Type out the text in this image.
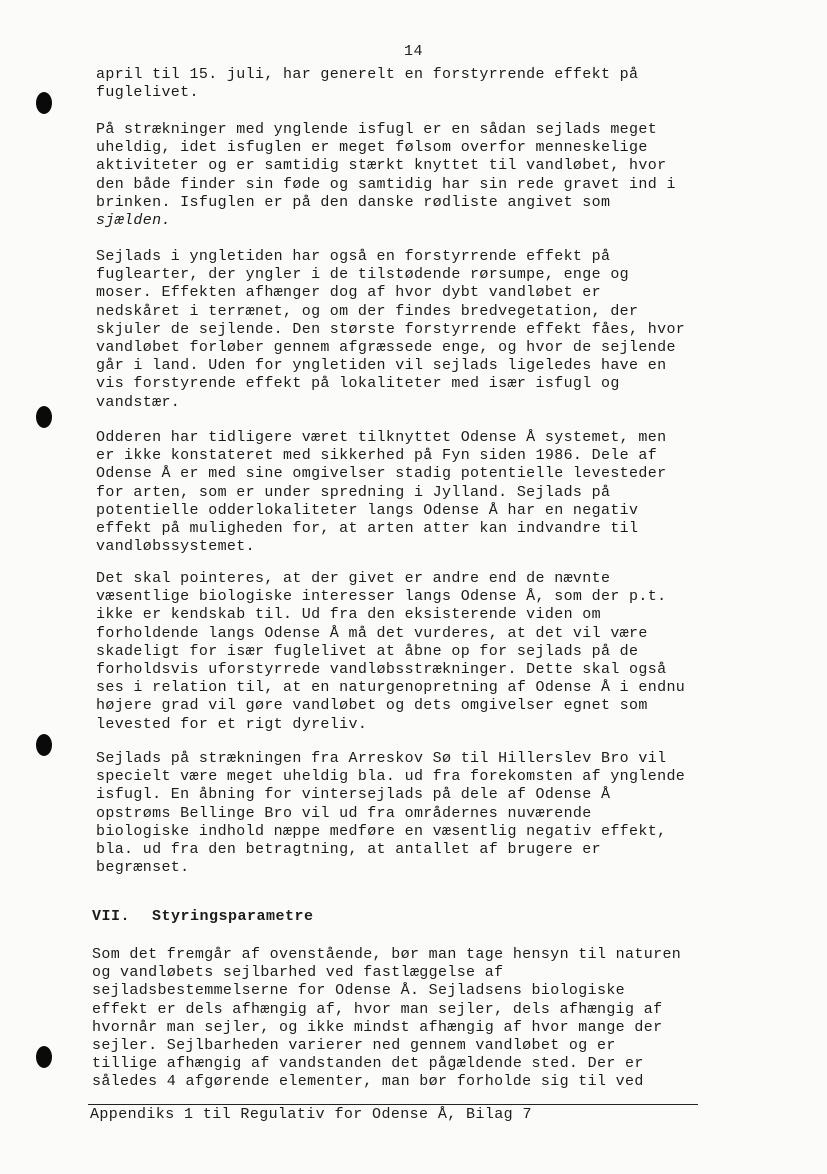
14

april til 15. juli, har generelt en forstyrrende effekt på
fuglelivet.

På strækninger med ynglende isfugl er en sådan sejlads meget
uheldig, idet isfuglen er meget følsom overfor menneskelige
aktiviteter og er samtidig stærkt knyttet til vandløbet, hvor
den både finder sin føde og samtidig har sin rede gravet ind i
brinken. Isfuglen er på den danske rødliste angivet som
sjælden.

Sejlads i yngletiden har også en forstyrrende effekt på
fuglearter, der yngler i de tilstødende rørsumpe, enge og
moser. Effekten afhænger dog af hvor dybt vandløbet er
nedskåret i terrænet, og om der findes bredvegetation, der
skjuler de sejlende. Den største forstyrrende effekt fåes, hvor
vandløbet forløber gennem afgræssede enge, og hvor de sejlende
går i land. Uden for yngletiden vil sejlads ligeledes have en
vis forstyrende effekt på lokaliteter med især isfugl og
vandstær.

Odderen har tidligere været tilknyttet Odense Å systemet, men
er ikke konstateret med sikkerhed på Fyn siden 1986. Dele af
Odense Å er med sine omgivelser stadig potentielle levesteder
for arten, som er under spredning i Jylland. Sejlads på
potentielle odderlokaliteter langs Odense Å har en negativ
effekt på muligheden for, at arten atter kan indvandre til
vandløbssystemet.

Det skal pointeres, at der givet er andre end de nævnte
væsentlige biologiske interesser langs Odense Å, som der p.t.
ikke er kendskab til. Ud fra den eksisterende viden om
forholdende langs Odense Å må det vurderes, at det vil være
skadeligt for især fuglelivet at åbne op for sejlads på de
forholdsvis uforstyrrede vandløbsstrækninger. Dette skal også
ses i relation til, at en naturgenopretning af Odense Å i endnu
højere grad vil gøre vandløbet og dets omgivelser egnet som
levested for et rigt dyreliv.

Sejlads på strækningen fra Arreskov Sø til Hillerslev Bro vil
specielt være meget uheldig bla. ud fra forekomsten af ynglende
isfugl. En åbning for vintersejlads på dele af Odense Å
opstrøms Bellinge Bro vil ud fra områdernes nuværende
biologiske indhold næppe medføre en væsentlig negativ effekt,
bla. ud fra den betragtning, at antallet af brugere er
begrænset.

VII. Styringsparametre

Som det fremgår af ovenstående, bør man tage hensyn til naturen
og vandløbets sejlbarhed ved fastlæggelse af
sejladsbestemmelserne for Odense Å. Sejladsens biologiske
effekt er dels afhængig af, hvor man sejler, dels afhængig af
hvornår man sejler, og ikke mindst afhængig af hvor mange der
sejler. Sejlbarheden varierer ned gennem vandløbet og er
tillige afhængig af vandstanden det pågældende sted. Der er
således 4 afgørende elementer, man bør forholde sig til ved

Appendiks 1 til Regulativ for Odense Å, Bilag 7
